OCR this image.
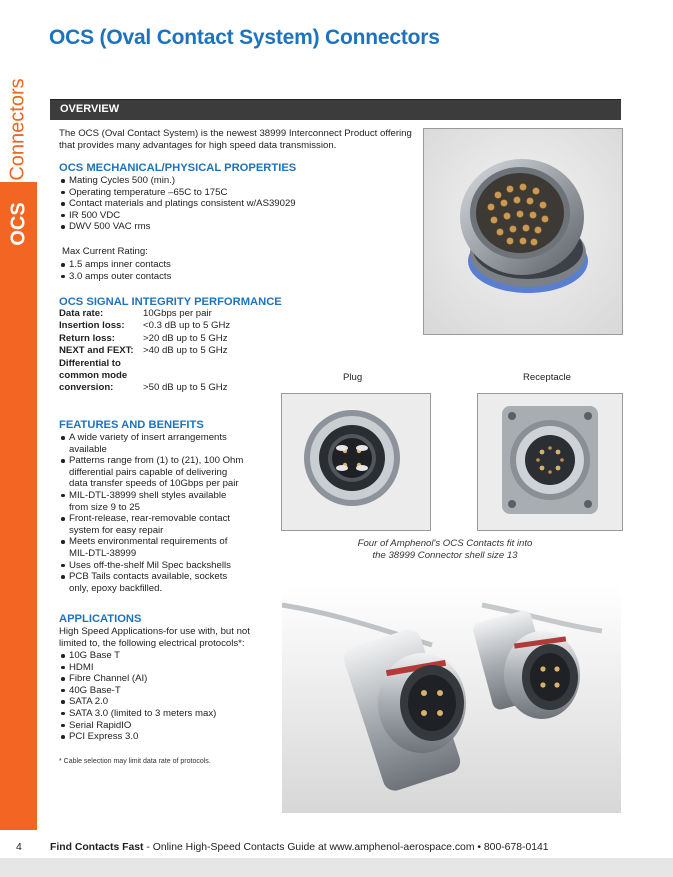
OCS (Oval Contact System) Connectors
Connectors
OCS
OVERVIEW
The OCS (Oval Contact System) is the newest 38999 Interconnect Product offering
that provides many advantages for high speed data transmission.
OCS MECHANICAL/PHYSICAL PROPERTIES
Mating Cycles 500 (min.)
Operating temperature –65C to 175C
Contact materials and platings consistent w/AS39029
IR 500 VDC
DWV 500 VAC rms
Max Current Rating:
1.5 amps inner contacts
3.0 amps outer contacts
OCS SIGNAL INTEGRITY PERFORMANCE
Data rate:	10Gbps per pair
Insertion loss:	<0.3 dB up to 5 GHz
Return loss:	>20 dB up to 5 GHz
NEXT and FEXT: >40 dB up to 5 GHz
Differential to
common mode
conversion:	>50 dB up to 5 GHz
FEATURES AND BENEFITS
A wide variety of insert arrangements
available
Patterns range from (1) to (21), 100 Ohm
differential pairs capable of delivering
data transfer speeds of 10Gbps per pair
MIL-DTL-38999 shell styles available
from size 9 to 25
Front-release, rear-removable contact
system for easy repair
Meets environmental requirements of
MIL-DTL-38999
Uses off-the-shelf Mil Spec backshells
PCB Tails contacts available, sockets
only, epoxy backfilled.
APPLICATIONS
High Speed Applications-for use with, but not
limited to, the following electrical protocols*:
10G Base T
HDMI
Fibre Channel (AI)
40G Base-T
SATA 2.0
SATA 3.0 (limited to 3 meters max)
Serial RapidIO
PCI Express 3.0
* Cable selection may limit data rate of protocols.
Plug	Receptacle
Four of Amphenol's OCS Contacts fit into
the 38999 Connector shell size 13
4	Find Contacts Fast - Online High-Speed Contacts Guide at www.amphenol-aerospace.com • 800-678-0141
